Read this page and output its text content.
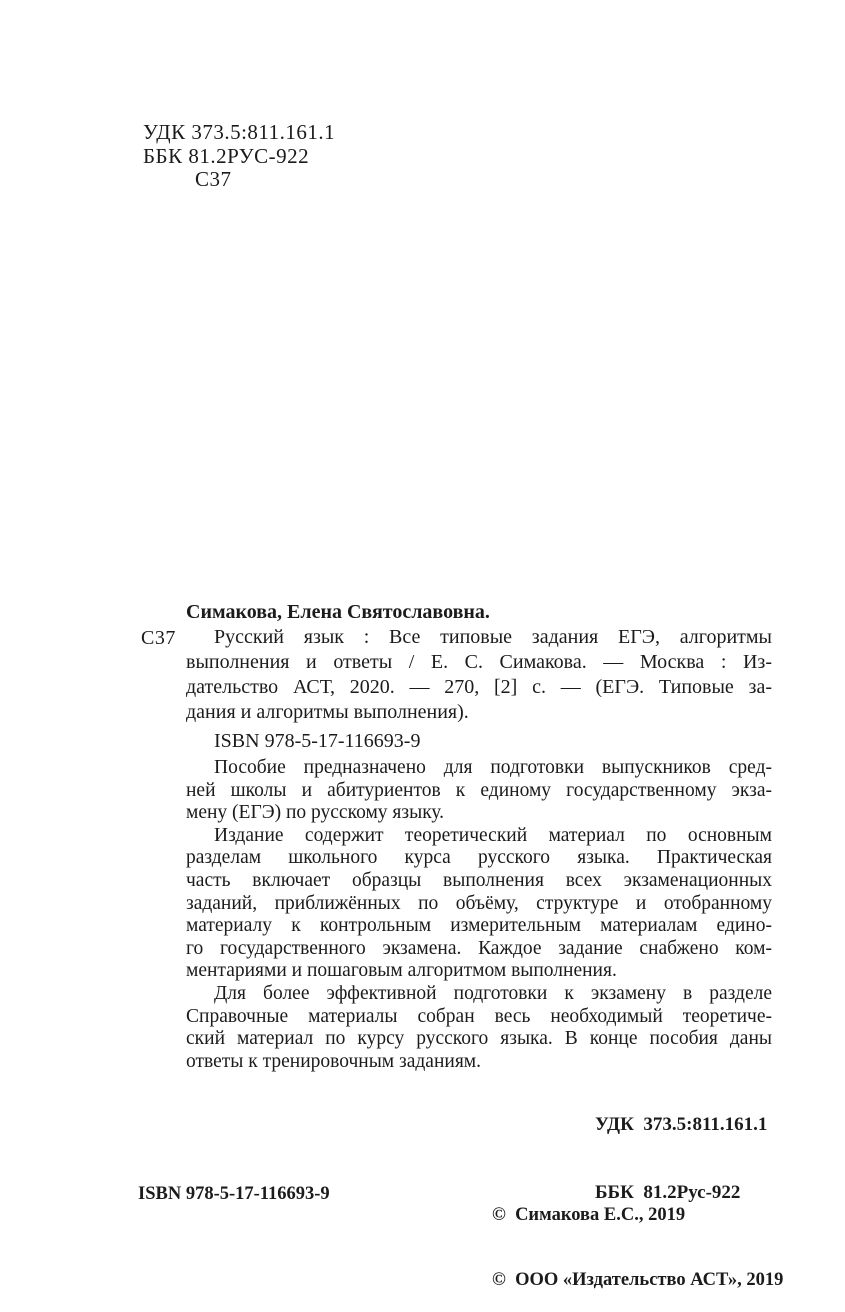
УДК 373.5:811.161.1
ББК 81.2РУС-922
С37
С37
Симакова, Елена Святославовна.
Русский язык : Все типовые задания ЕГЭ, алгоритмы
выполнения и ответы / Е. С. Симакова. — Москва : Из-
дательство АСТ, 2020. — 270, [2] с. — (ЕГЭ. Типовые за-
дания и алгоритмы выполнения).
ISBN 978-5-17-116693-9
Пособие предназначено для подготовки выпускников сред-
ней школы и абитуриентов к единому государственному экза-
мену (ЕГЭ) по русскому языку.
Издание содержит теоретический материал по основным
разделам школьного курса русского языка. Практическая
часть включает образцы выполнения всех экзаменационных
заданий, приближённых по объёму, структуре и отобранному
материалу к контрольным измерительным материалам едино-
го государственного экзамена. Каждое задание снабжено ком-
ментариями и пошаговым алгоритмом выполнения.
Для более эффективной подготовки к экзамену в разделе
Справочные материалы собран весь необходимый теоретиче-
ский материал по курсу русского языка. В конце пособия даны
ответы к тренировочным заданиям.

УДК  373.5:811.161.1

ББК  81.2Рус-922

ISBN 978-5-17-116693-9

©  Симакова Е.С., 2019

©  ООО «Издательство АСТ», 2019
